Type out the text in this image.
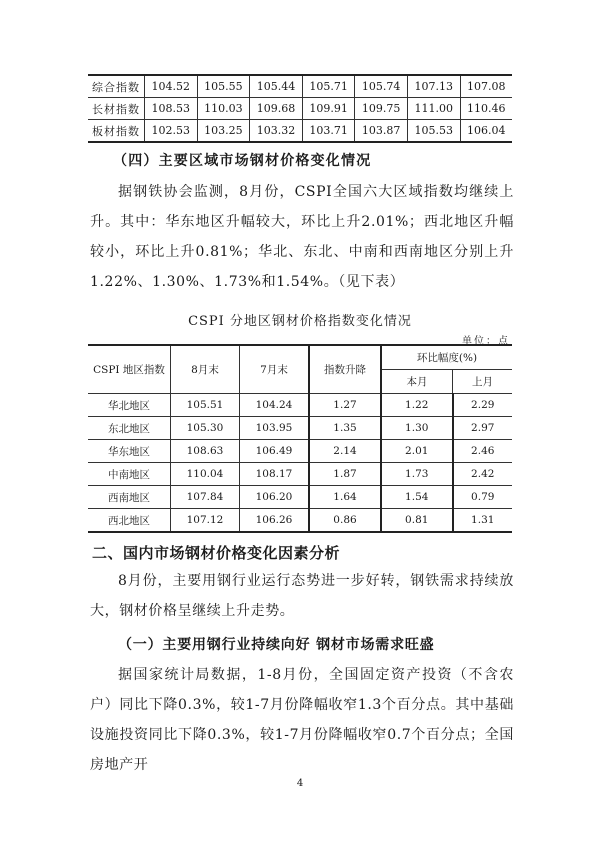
综合指数	104.52	105.55	105.44	105.71	105.74	107.13	107.08
长材指数	108.53	110.03	109.68	109.91	109.75	111.00	110.46
板材指数	102.53	103.25	103.32	103.71	103.87	105.53	106.04
（四）主要区域市场钢材价格变化情况

据钢铁协会监测，8月份，CSPI全国六大区域指数均继续上升。其中：华东地区升幅较大，环比上升2.01%；西北地区升幅较小，环比上升0.81%；华北、东北、中南和西南地区分别上升1.22%、1.30%、1.73%和1.54%。（见下表）

CSPI 分地区钢材价格指数变化情况
单位：点
CSPI 地区指数	8月末	7月末	指数升降	环比幅度(%)	
				本月	上月
华北地区	105.51	104.24	1.27	1.22	2.29
东北地区	105.30	103.95	1.35	1.30	2.97
华东地区	108.63	106.49	2.14	2.01	2.46
中南地区	110.04	108.17	1.87	1.73	2.42
西南地区	107.84	106.20	1.64	1.54	0.79
西北地区	107.12	106.26	0.86	0.81	1.31
二、国内市场钢材价格变化因素分析

8月份，主要用钢行业运行态势进一步好转，钢铁需求持续放大，钢材价格呈继续上升走势。

（一）主要用钢行业持续向好 钢材市场需求旺盛

据国家统计局数据，1-8月份，全国固定资产投资（不含农户）同比下降0.3%，较1-7月份降幅收窄1.3个百分点。其中基础设施投资同比下降0.3%，较1-7月份降幅收窄0.7个百分点；全国房地产开

4
